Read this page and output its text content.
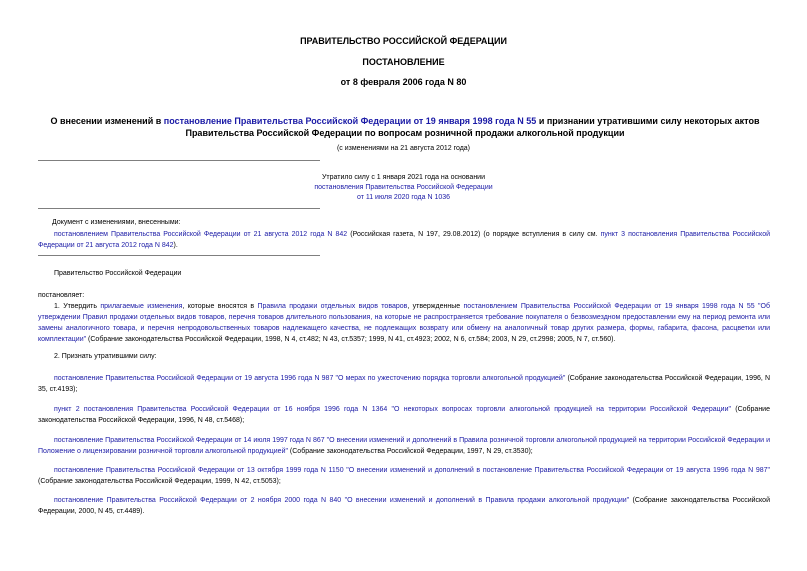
ПРАВИТЕЛЬСТВО РОССИЙСКОЙ ФЕДЕРАЦИИ
ПОСТАНОВЛЕНИЕ
от 8 февраля 2006 года N 80
О внесении изменений в постановление Правительства Российской Федерации от 19 января 1998 года N 55 и признании утратившими силу некоторых актов Правительства Российской Федерации по вопросам розничной продажи алкогольной продукции
(с изменениями на 21 августа 2012 года)
Утратило силу с 1 января 2021 года на основании
постановления Правительства Российской Федерации
от 11 июля 2020 года N 1036
Документ с изменениями, внесенными:
постановлением Правительства Российской Федерации от 21 августа 2012 года N 842 (Российская газета, N 197, 29.08.2012) (о порядке вступления в силу см. пункт 3 постановления Правительства Российской Федерации от 21 августа 2012 года N 842).
Правительство Российской Федерации
постановляет:
1. Утвердить прилагаемые изменения, которые вносятся в Правила продажи отдельных видов товаров, утвержденные постановлением Правительства Российской Федерации от 19 января 1998 года N 55 "Об утверждении Правил продажи отдельных видов товаров, перечня товаров длительного пользования, на которые не распространяется требование покупателя о безвозмездном предоставлении ему на период ремонта или замены аналогичного товара, и перечня непродовольственных товаров надлежащего качества, не подлежащих возврату или обмену на аналогичный товар других размера, формы, габарита, фасона, расцветки или комплектации" (Собрание законодательства Российской Федерации, 1998, N 4, ст.482; N 43, ст.5357; 1999, N 41, ст.4923; 2002, N 6, ст.584; 2003, N 29, ст.2998; 2005, N 7, ст.560).
2. Признать утратившими силу:
постановление Правительства Российской Федерации от 19 августа 1996 года N 987 "О мерах по ужесточению порядка торговли алкогольной продукцией" (Собрание законодательства Российской Федерации, 1996, N 35, ст.4193);
пункт 2 постановления Правительства Российской Федерации от 16 ноября 1996 года N 1364 "О некоторых вопросах торговли алкогольной продукцией на территории Российской Федерации" (Собрание законодательства Российской Федерации, 1996, N 48, ст.5468);
постановление Правительства Российской Федерации от 14 июля 1997 года N 867 "О внесении изменений и дополнений в Правила розничной торговли алкогольной продукцией на территории Российской Федерации и Положение о лицензировании розничной торговли алкогольной продукцией" (Собрание законодательства Российской Федерации, 1997, N 29, ст.3530);
постановление Правительства Российской Федерации от 13 октября 1999 года N 1150 "О внесении изменений и дополнений в постановление Правительства Российской Федерации от 19 августа 1996 года N 987" (Собрание законодательства Российской Федерации, 1999, N 42, ст.5053);
постановление Правительства Российской Федерации от 2 ноября 2000 года N 840 "О внесении изменений и дополнений в Правила продажи алкогольной продукции" (Собрание законодательства Российской Федерации, 2000, N 45, ст.4489).
